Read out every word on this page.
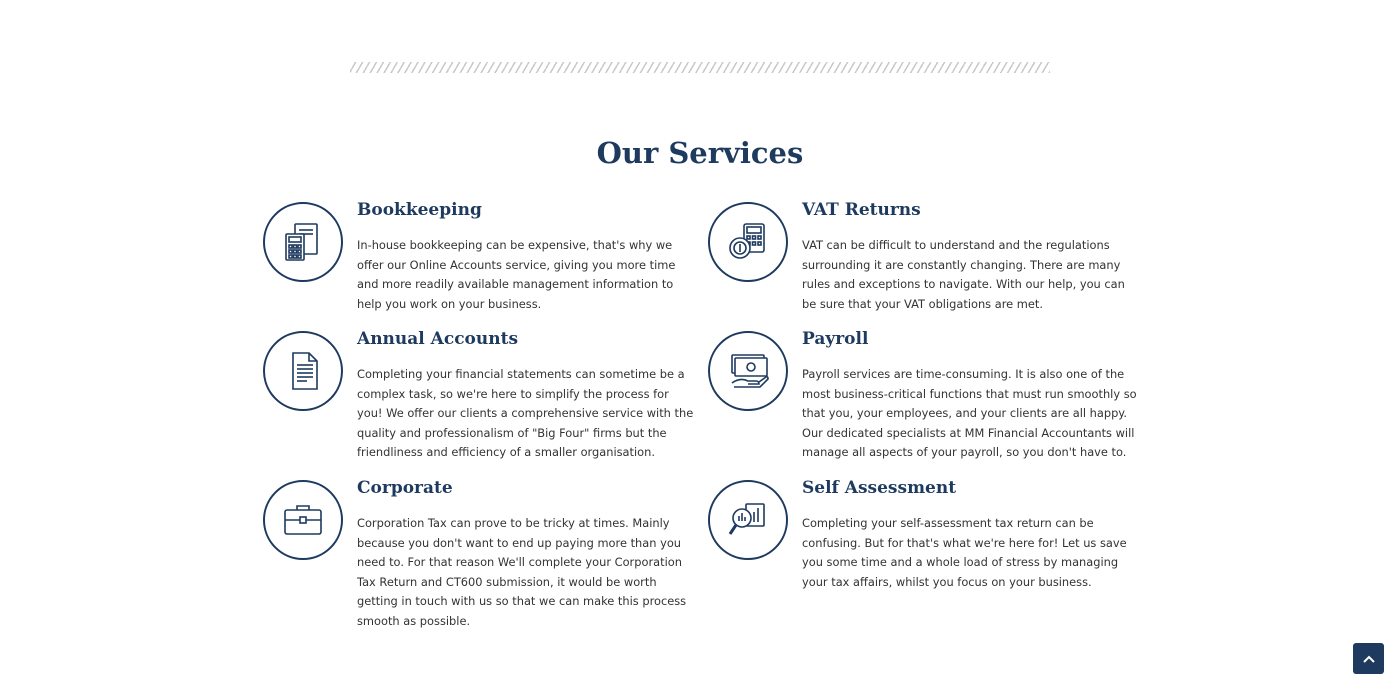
Our Services
Bookkeeping

In-house bookkeeping can be expensive, that's why we offer our Online Accounts service, giving you more time and more readily available management information to help you work on your business.

VAT Returns

VAT can be difficult to understand and the regulations surrounding it are constantly changing. There are many rules and exceptions to navigate. With our help, you can be sure that your VAT obligations are met.

Annual Accounts

Completing your financial statements can sometime be a complex task, so we're here to simplify the process for you! We offer our clients a comprehensive service with the quality and professionalism of "Big Four" firms but the friendliness and efficiency of a smaller organisation.

Payroll

Payroll services are time-consuming. It is also one of the most business-critical functions that must run smoothly so that you, your employees, and your clients are all happy. Our dedicated specialists at MM Financial Accountants will manage all aspects of your payroll, so you don't have to.

Corporate

Corporation Tax can prove to be tricky at times. Mainly because you don't want to end up paying more than you need to. For that reason We'll complete your Corporation Tax Return and CT600 submission, it would be worth getting in touch with us so that we can make this process smooth as possible.

Self Assessment

Completing your self-assessment tax return can be confusing. But for that's what we're here for! Let us save you some time and a whole load of stress by managing your tax affairs, whilst you focus on your business.
